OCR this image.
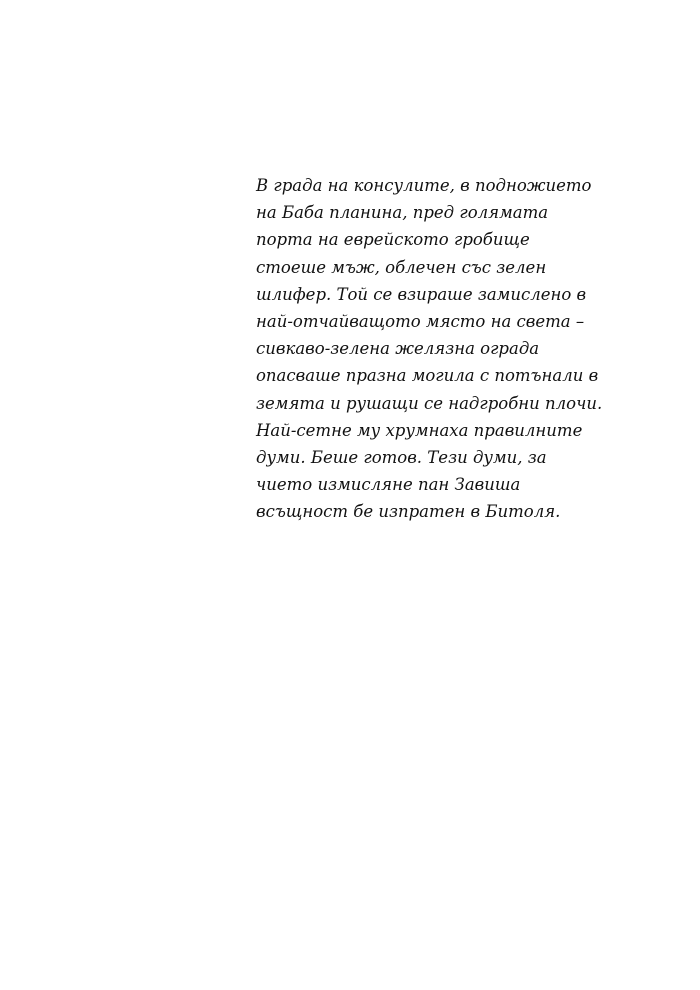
В града на консулите, в подножието
на Баба планина, пред голямата
порта на еврейското гробище
стоеше мъж, облечен със зелен
шлифер. Той се взираше замислено в
най-отчайващото място на света –
сивкаво-зелена желязна ограда
опасваше празна могила с потънали в
земята и рушащи се надгробни плочи.
Най-сетне му хрумнаха правилните
думи. Беше готов. Тези думи, за
чието измисляне пан Завиша
всъщност бе изпратен в Битоля.
